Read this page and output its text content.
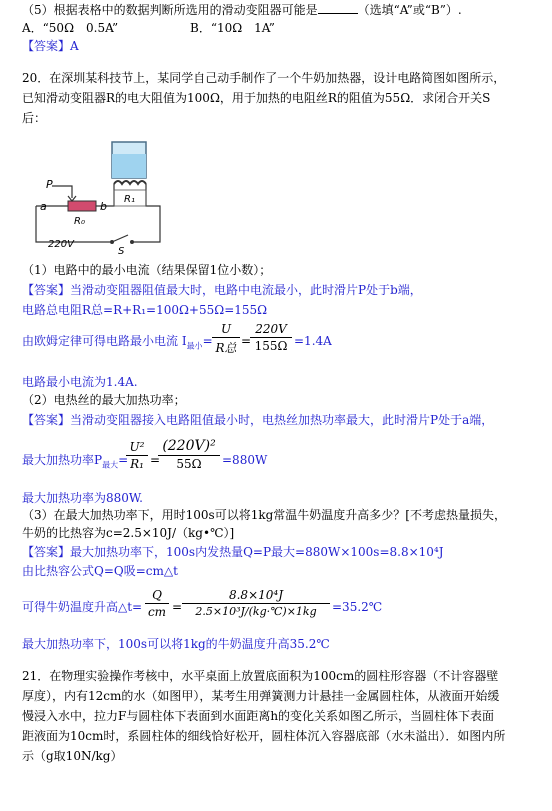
（5）根据表格中的数据判断所选用的滑动变阻器可能是	（选填“A”或“B”）.
A．“50Ω　0.5A”	B．“10Ω　1A”
【答案】A
20．在深圳某科技节上，某同学自己动手制作了一个牛奶加热器，设计电路简图如图所示，
已知滑动变阻器R的电大阻值为100Ω，用于加热的电阻丝R的阻值为55Ω．求闭合开关S
后：
P
a	b
R₀
R₁
220V
S
（1）电路中的最小电流（结果保留1位小数）；
【答案】当滑动变阻器阻值最大时，电路中电流最小，此时滑片P处于b端，
电路总电阻R总=R+R₁=100Ω+55Ω=155Ω
由欧姆定律可得电路最小电流 $I_{最小}=$
U
R总 =
220V
155Ω =1.4A
电路最小电流为1.4A.
（2）电热丝的最大加热功率；
【答案】当滑动变阻器接入电路阻值最小时，电热丝加热功率最大，此时滑片P处于a端，
最大加热功率$P_{最大}=$
U²
R₁ =
(220V)²
55Ω	=880W
最大加热功率为880W.
（3）在最大加热功率下，用时100s可以将1kg常温牛奶温度升高多少？[不考虑热量损失，
牛奶的比热容为c=2.5×10J/（kg•℃）]
【答案】最大加热功率下，100s内发热量Q=P最大=880W×100s=8.8×10⁴J
由比热容公式Q=Q吸=cm△t
可得牛奶温度升高△t=
Q
cm =
8.8×10⁴J
2.5×10³J/(kg·℃)×1kg	=35.2℃
最大加热功率下，100s可以将1kg的牛奶温度升高35.2℃
21．在物理实验操作考核中，水平桌面上放置底面积为100cm的圆柱形容器（不计容器壁
厚度），内有12cm的水（如图甲），某考生用弹簧测力计悬挂一金属圆柱体，从液面开始缓
慢浸入水中，拉力F与圆柱体下表面到水面距离h的变化关系如图乙所示，当圆柱体下表面
距液面为10cm时，系圆柱体的细线恰好松开，圆柱体沉入容器底部（水未溢出）．如图内所
示（g取10N/kg）
